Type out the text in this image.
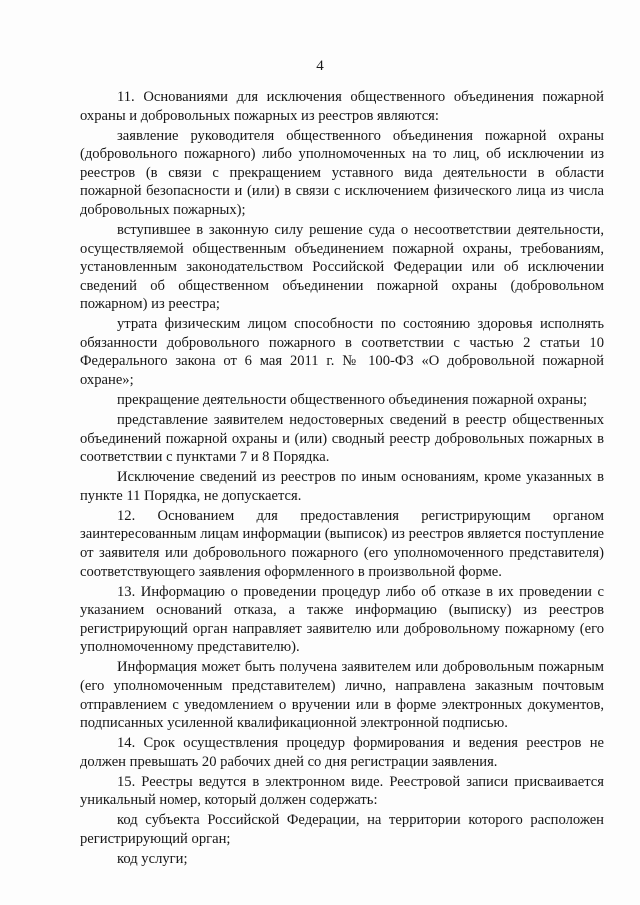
4

11. Основаниями для исключения общественного объединения пожарной охраны и добровольных пожарных из реестров являются:

заявление руководителя общественного объединения пожарной охраны (добровольного пожарного) либо уполномоченных на то лиц, об исключении из реестров (в связи с прекращением уставного вида деятельности в области пожарной безопасности и (или) в связи с исключением физического лица из числа добровольных пожарных);

вступившее в законную силу решение суда о несоответствии деятельности, осуществляемой общественным объединением пожарной охраны, требованиям, установленным законодательством Российской Федерации или об исключении сведений об общественном объединении пожарной охраны (добровольном пожарном) из реестра;

утрата физическим лицом способности по состоянию здоровья исполнять обязанности добровольного пожарного в соответствии с частью 2 статьи 10 Федерального закона от 6 мая 2011 г. № 100-ФЗ «О добровольной пожарной охране»;

прекращение деятельности общественного объединения пожарной охраны;

представление заявителем недостоверных сведений в реестр общественных объединений пожарной охраны и (или) сводный реестр добровольных пожарных в соответствии с пунктами 7 и 8 Порядка.

Исключение сведений из реестров по иным основаниям, кроме указанных в пункте 11 Порядка, не допускается.

12. Основанием для предоставления регистрирующим органом заинтересованным лицам информации (выписок) из реестров является поступление от заявителя или добровольного пожарного (его уполномоченного представителя) соответствующего заявления оформленного в произвольной форме.

13. Информацию о проведении процедур либо об отказе в их проведении с указанием оснований отказа, а также информацию (выписку) из реестров регистрирующий орган направляет заявителю или добровольному пожарному (его уполномоченному представителю).

Информация может быть получена заявителем или добровольным пожарным (его уполномоченным представителем) лично, направлена заказным почтовым отправлением с уведомлением о вручении или в форме электронных документов, подписанных усиленной квалификационной электронной подписью.

14. Срок осуществления процедур формирования и ведения реестров не должен превышать 20 рабочих дней со дня регистрации заявления.

15. Реестры ведутся в электронном виде. Реестровой записи присваивается уникальный номер, который должен содержать:

код субъекта Российской Федерации, на территории которого расположен регистрирующий орган;

код услуги;
